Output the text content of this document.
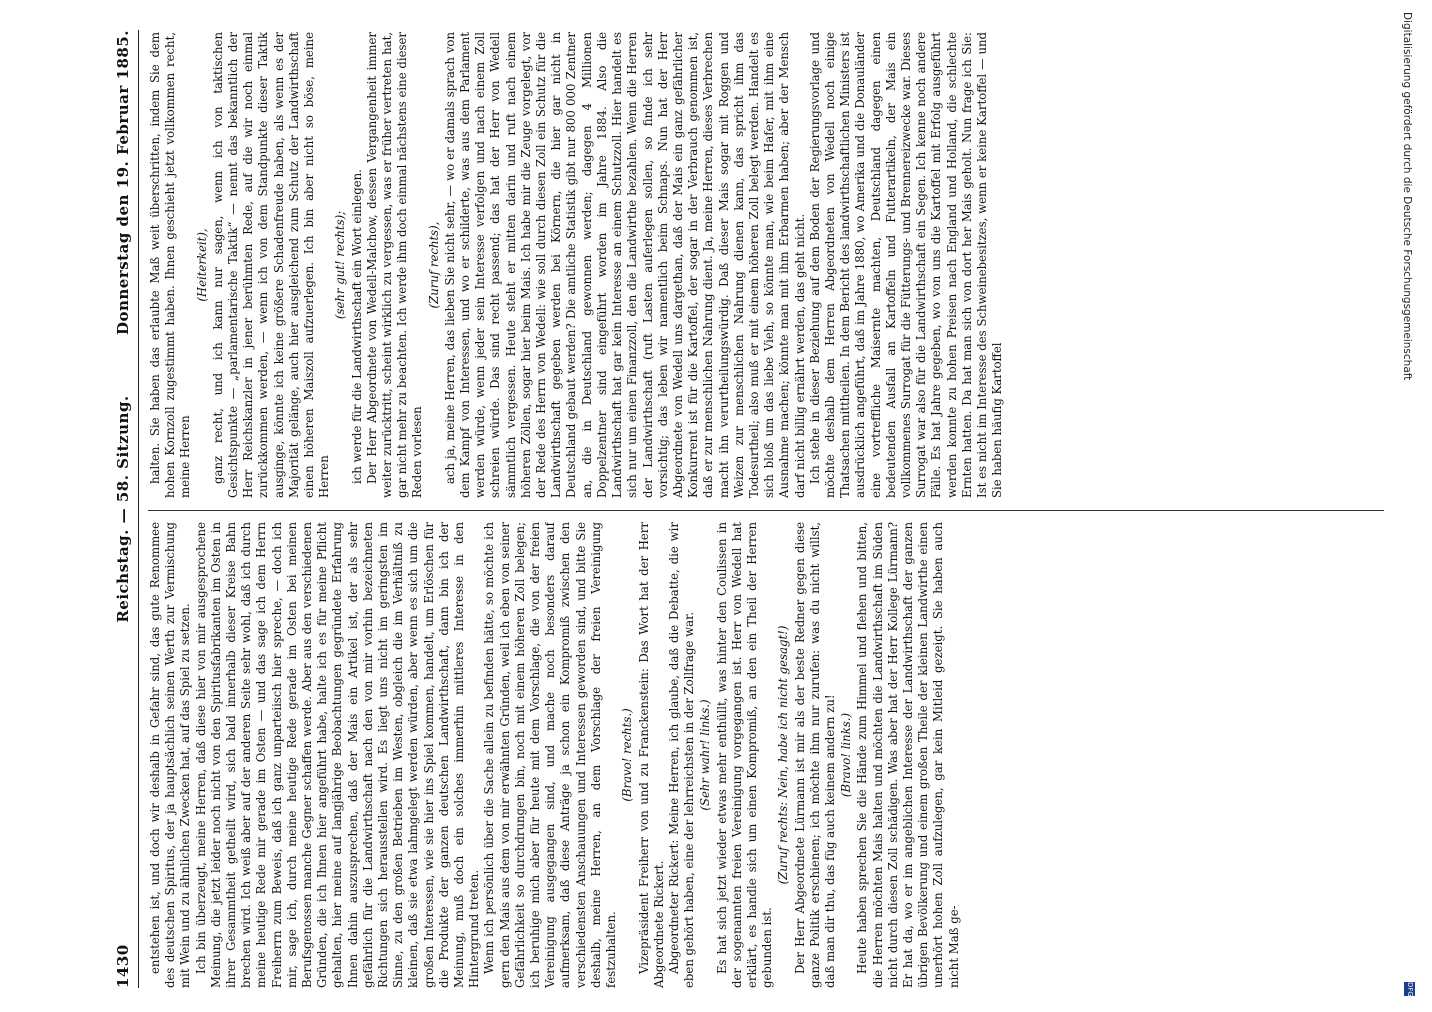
1430
Reichstag. — 58. Sitzung.
Donnerstag den 19. Februar 1885.

entstehen ist, und doch wir deshalb in Gefahr sind, das gute Renommee des deutschen Spiritus, der ja hauptsächlich seinen Werth zur Vermischung mit Wein und zu ähnlichen Zwecken hat, auf das Spiel zu setzen. Ich bin überzeugt, meine Herren, daß diese hier von mir ausgesprochene Meinung, die jetzt leider noch nicht von den Spiritusfabrikanten im Osten in ihrer Gesammtheit getheilt wird, sich bald innerhalb dieser Kreise Bahn brechen wird. Ich weiß aber auf der anderen Seite sehr wohl, daß ich durch meine heutige Rede mir gerade im Osten — und das sage ich dem Herrn Freiherrn zum Beweis, daß ich ganz unparteiisch hier spreche, — doch ich mir, sage ich, durch meine heutige Rede gerade im Osten bei meinen Berufsgenossen manche Gegner schaffen werde. Aber aus den verschiedenen Gründen, die ich Ihnen hier angeführt habe, halte ich es für meine Pflicht gehalten, hier meine auf langjährige Beobachtungen gegründete Erfahrung Ihnen dahin auszusprechen, daß der Mais ein Artikel ist, der als sehr gefährlich für die Landwirthschaft nach den von mir vorhin bezeichneten Richtungen sich herausstellen wird. Es liegt uns nicht im geringsten im Sinne, zu den großen Betrieben im Westen, obgleich die im Verhältniß zu kleinen, daß sie etwa lahmgelegt werden würden, aber wenn es sich um die großen Interessen, wie sie hier ins Spiel kommen, handelt, um Erlöschen für die Produkte der ganzen deutschen Landwirthschaft, dann bin ich der Meinung, muß doch ein solches immerhin mittleres Interesse in den Hintergrund treten. Wenn ich persönlich über die Sache allein zu befinden hätte, so möchte ich gern den Mais aus dem von mir erwähnten Gründen, weil ich eben von seiner Gefährlichkeit so durchdrungen bin, noch mit einem höheren Zoll belegen; ich beruhige mich aber für heute mit dem Vorschlage, die von der freien Vereinigung ausgegangen sind, und mache noch besonders darauf aufmerksam, daß diese Anträge ja schon ein Kompromiß zwischen den verschiedensten Anschauungen und Interessen geworden sind, und bitte Sie deshalb, meine Herren, an dem Vorschlage der freien Vereinigung festzuhalten.

(Bravo! rechts.) Vizepräsident Freiherr von und zu Franckenstein: Das Wort hat der Herr Abgeordnete Rickert. Abgeordneter Rickert: Meine Herren, ich glaube, daß die Debatte, die wir eben gehört haben, eine der lehrreichsten in der Zollfrage war. (Sehr wahr! links.) Es hat sich jetzt wieder etwas mehr enthüllt, was hinter den Coulissen in der sogenannten freien Vereinigung vorgegangen ist. Herr von Wedell hat erklärt, es handle sich um einen Kompromiß, an den ein Theil der Herren gebunden ist.

(Zuruf rechts: Nein, habe ich nicht gesagt!) Der Herr Abgeordnete Lürmann ist mir als der beste Redner gegen diese ganze Politik erschienen; ich möchte ihm nur zurufen: was du nicht willst, daß man dir thu, das füg auch keinem andern zu! (Bravo! links.) Heute haben sprechen Sie die Hände zum Himmel und flehen und bitten, die Herren möchten Mais halten und möchten die Landwirthschaft im Süden nicht durch diesen Zoll schädigen. Was aber hat der Herr Kollege Lürmann? Er hat da, wo er im angeblichen Interesse der Landwirthschaft der ganzen übrigen Bevölkerung und einem großen Theile der kleinen Landwirthe einen unerhört hohen Zoll aufzulegen, gar kein Mitleid gezeigt. Sie haben auch nicht Maß ge-

halten. Sie haben das erlaubte Maß weit überschritten, indem Sie dem hohen Kornzoll zugestimmt haben. Ihnen geschieht jetzt vollkommen recht, meine Herren

(Heiterkeit), ganz recht, und ich kann nur sagen, wenn ich von taktischen Gesichtspunkte — „parlamentarische Taktik“ — nennt das bekanntlich der Herr Reichskanzler in jener berühmten Rede, auf die wir noch einmal zurückkommen werden, — wenn ich von dem Standpunkte dieser Taktik ausginge, könnte ich keine größere Schadenfreude haben, als wenn es der Majorität gelänge, auch hier ausgleichend zum Schutz der Landwirthschaft einen höheren Maiszoll aufzuerlegen. Ich bin aber nicht so böse, meine Herren

(sehr gut! rechts); ich werde für die Landwirthschaft ein Wort einlegen. Der Herr Abgeordnete von Wedell-Malchow, dessen Vergangenheit immer weiter zurücktritt, scheint wirklich zu vergessen, was er früher vertreten hat, gar nicht mehr zu beachten. Ich werde ihm doch einmal nächstens eine dieser Reden vorlesen

(Zuruf rechts), ach ja, meine Herren, das lieben Sie nicht sehr, — wo er damals sprach von dem Kampf von Interessen, und wo er schilderte, was aus dem Parlament werden würde, wenn jeder sein Interesse verfolgen und nach einem Zoll schreien würde. Das sind recht passend; das hat der Herr von Wedell sämmtlich vergessen. Heute steht er mitten darin und ruft nach einem höheren Zöllen, sogar hier beim Mais. Ich habe mir die Zeuge vorgelegt, vor der Rede des Herrn von Wedell: wie soll durch diesen Zoll ein Schutz für die Landwirthschaft gegeben werden bei Körnern, die hier gar nicht in Deutschland gebaut werden? Die amtliche Statistik gibt nur 800 000 Zentner an, die in Deutschland gewonnen werden; dagegen 4 Millionen Doppelzentner sind eingeführt worden im Jahre 1884. Also die Landwirthschaft hat gar kein Interesse an einem Schutzzoll. Hier handelt es sich nur um einen Finanzzoll, den die Landwirthe bezahlen. Wenn die Herren der Landwirthschaft (ruft Lasten auferlegen sollen, so finde ich sehr vorsichtig; das leben wir namentlich beim Schnaps. Nun hat der Herr Abgeordnete von Wedell uns dargethan, daß der Mais ein ganz gefährlicher Konkurrent ist für die Kartoffel, der sogar in der Verbrauch genommen ist, daß er zur menschlichen Nahrung dient. Ja, meine Herren, dieses Verbrechen macht ihn verurtheilungswürdig. Daß dieser Mais sogar mit Roggen und Weizen zur menschlichen Nahrung dienen kann, das spricht ihm das Todesurtheil; also muß er mit einem höheren Zoll belegt werden. Handelt es sich bloß um das liebe Vieh, so könnte man, wie beim Hafer, mit ihm eine Ausnahme machen; könnte man mit ihm Erbarmen haben; aber der Mensch darf nicht billig ernährt werden, das geht nicht. Ich stehe in dieser Beziehung auf dem Boden der Regierungsvorlage und möchte deshalb dem Herren Abgeordneten von Wedell noch einige Thatsachen mittheilen. In dem Bericht des landwirthschaftlichen Ministers ist ausdrücklich angeführt, daß im Jahre 1880, wo Amerika und die Donauländer eine vortreffliche Maisernte machten, Deutschland dagegen einen bedeutenden Ausfall an Kartoffeln und Futterartikeln, der Mais ein vollkommenes Surrogat für die Fütterungs- und Brennereizwecke war. Dieses Surrogat war also für die Landwirthschaft ein Segen. Ich kenne noch andere Fälle. Es hat Jahre gegeben, wo von uns die Kartoffel mit Erfolg ausgeführt werden konnte zu hohen Preisen nach England und Holland, die schlechte Ernten hatten. Da hat man sich von dort her Mais geholt. Nun frage ich Sie: Ist es nicht im Interesse des Schweinebesitzes, wenn er keine Kartoffel — und Sie haben häufig Kartoffel

Digitalisierung gefördert durch die Deutsche Forschungsgemeinschaft
DFG
